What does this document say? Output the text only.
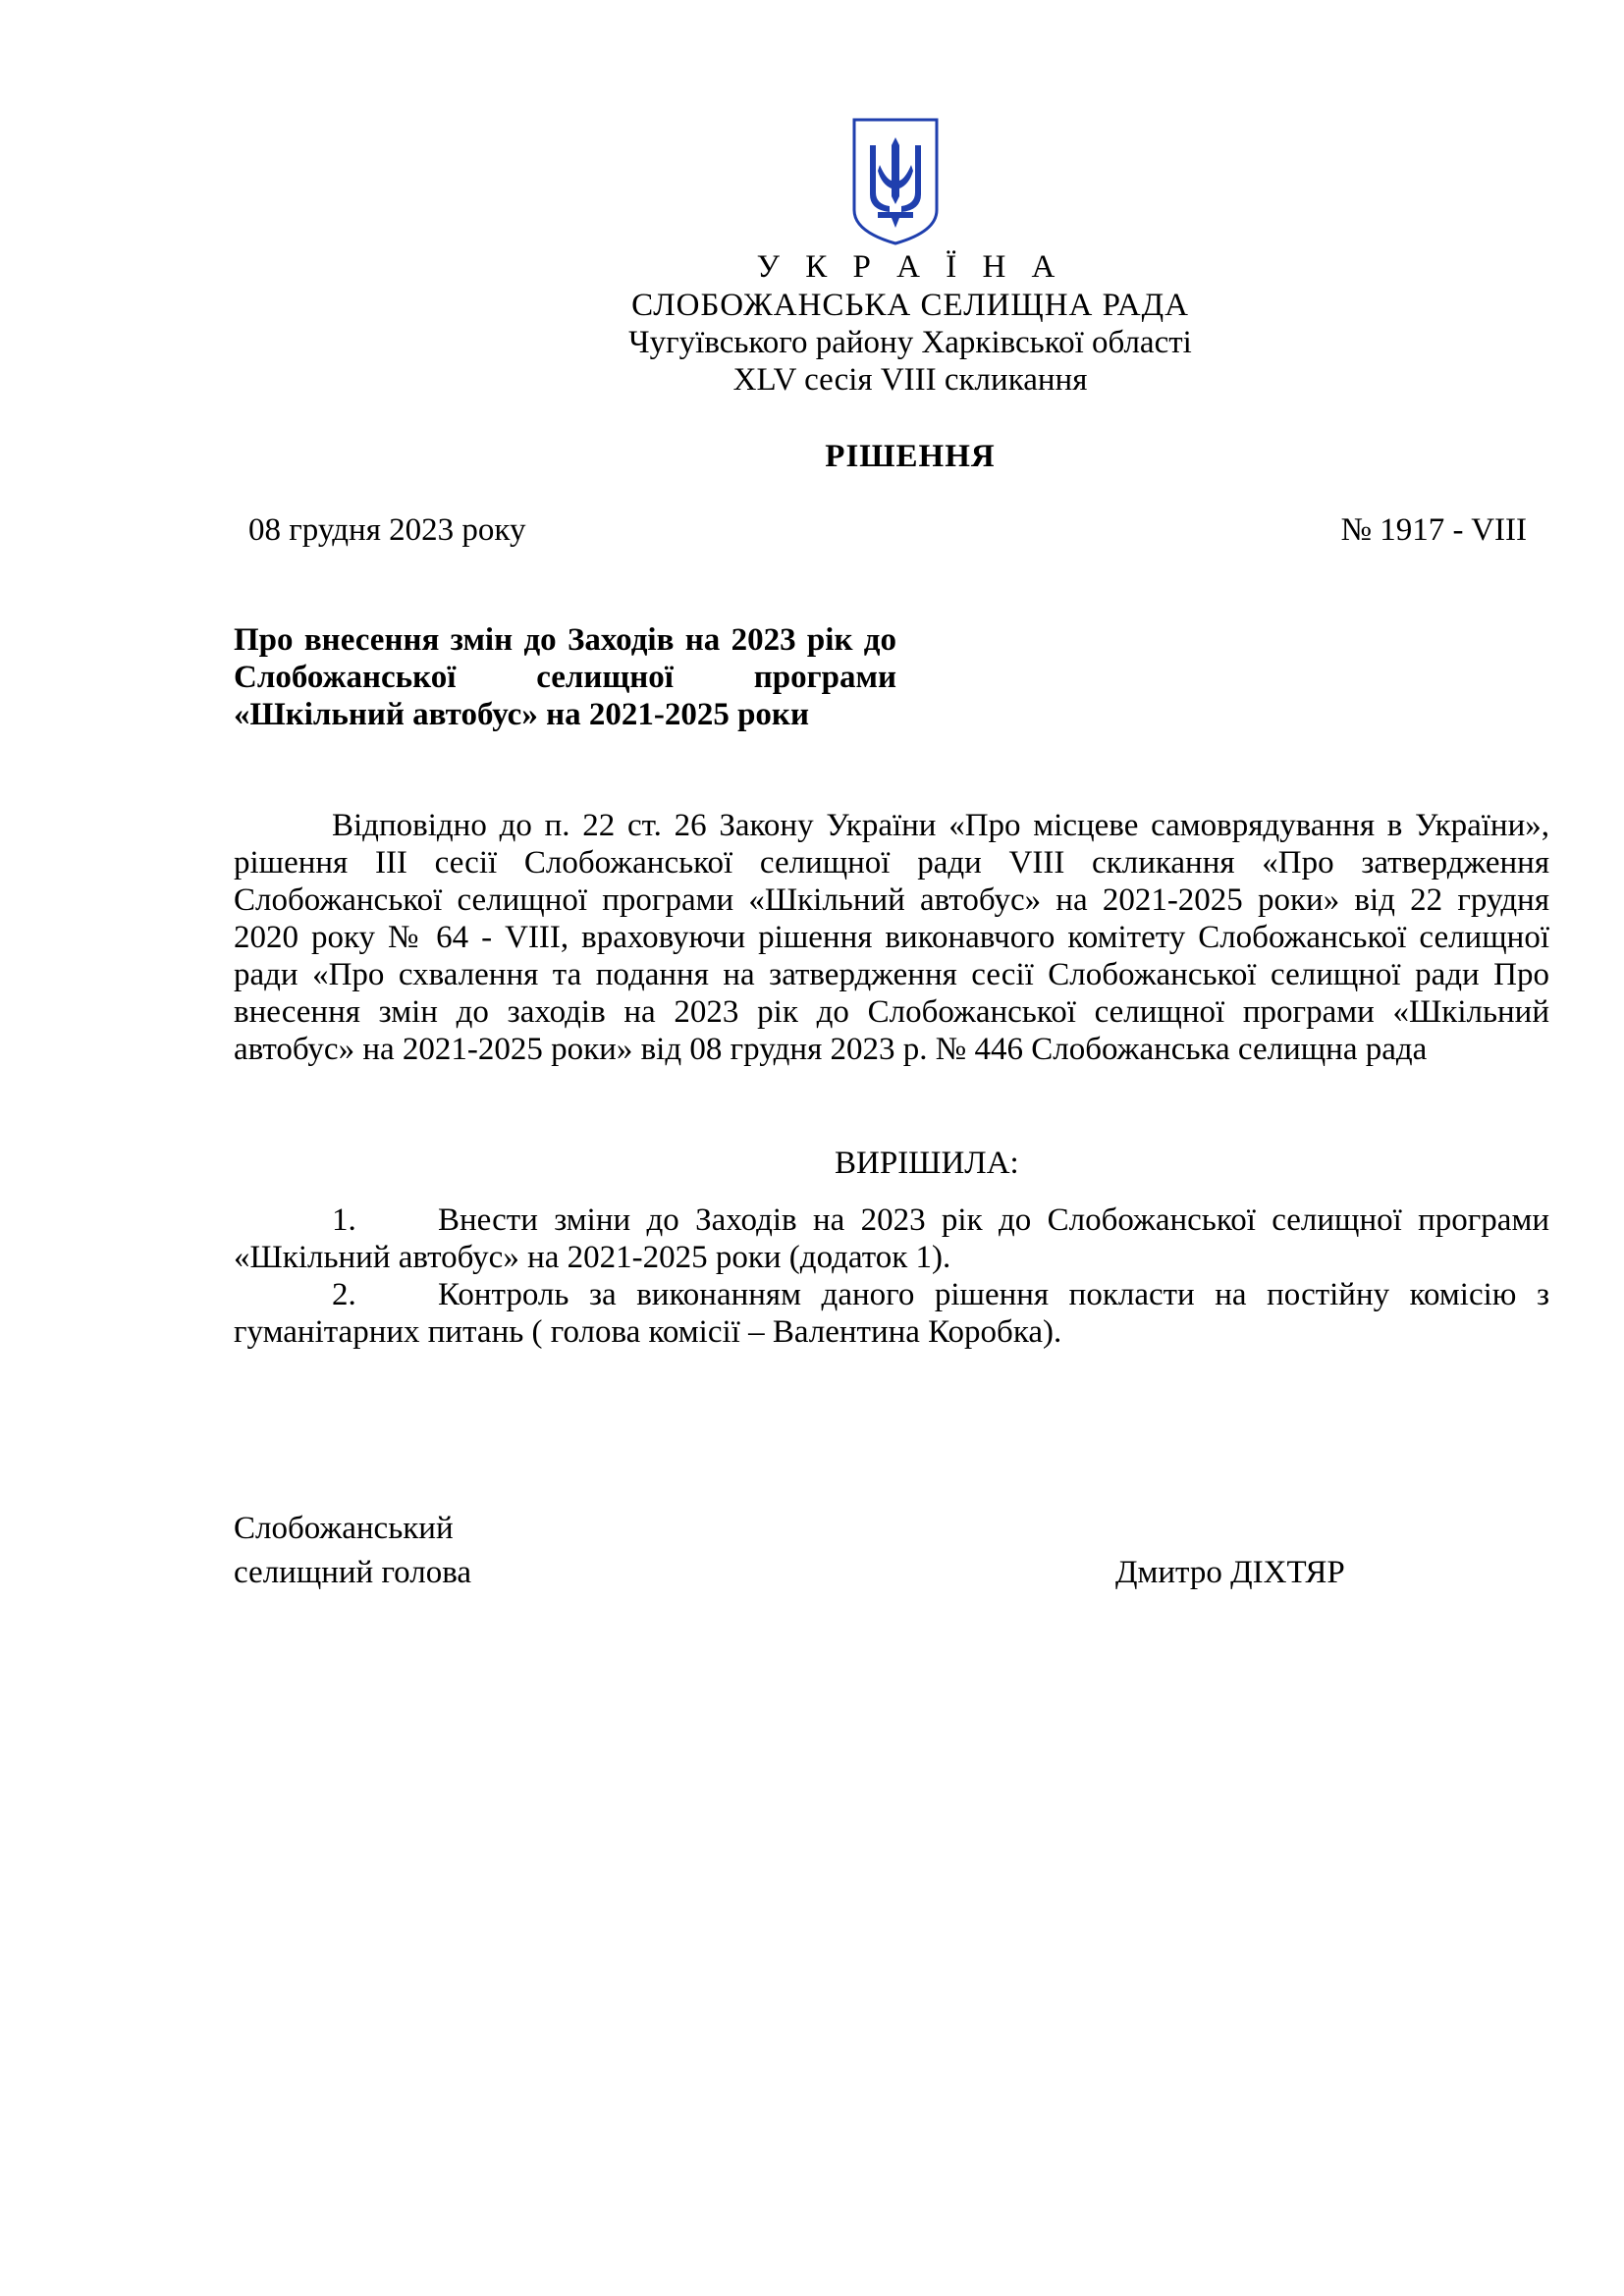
У К Р А Ї Н А
СЛОБОЖАНСЬКА СЕЛИЩНА РАДА
Чугуївського району Харківської області
XLV сесія VIII скликання
РІШЕННЯ
08 грудня 2023 року	№ 1917 - VIII
Про внесення змін до Заходів на 2023 рік до
Слобожанської селищної програми
«Шкільний автобус» на 2021-2025 роки
Відповідно до п. 22 ст. 26 Закону України «Про місцеве самоврядування в України»,
рішення III сесії Слобожанської селищної ради VIII скликання «Про затвердження
Слобожанської селищної програми «Шкільний автобус» на 2021-2025 роки» від 22 грудня
2020 року № 64 - VIII, враховуючи рішення виконавчого комітету Слобожанської селищної
ради «Про схвалення та подання на затвердження сесії Слобожанської селищної ради Про
внесення змін до заходів на 2023 рік до Слобожанської селищної програми «Шкільний
автобус» на 2021-2025 роки» від 08 грудня 2023 р. № 446 Слобожанська селищна рада
ВИРІШИЛА:
1.	Внести зміни до Заходів на 2023 рік до Слобожанської селищної програми
«Шкільний автобус» на 2021-2025 роки (додаток 1).
2.	Контроль за виконанням даного рішення покласти на постійну комісію з
гуманітарних питань ( голова комісії – Валентина Коробка).
Слобожанський
селищний голова	Дмитро ДІХТЯР
